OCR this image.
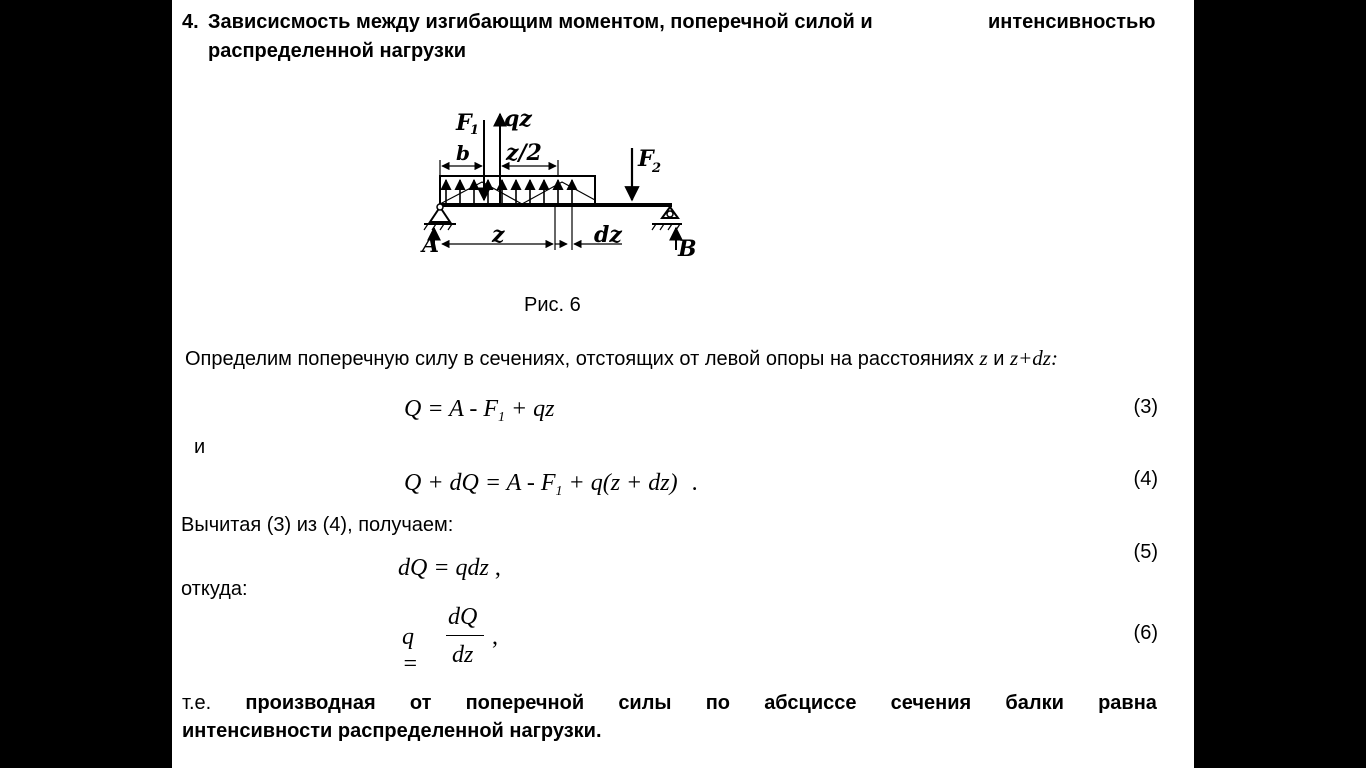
4. Зависисмость между изгибающим моментом, поперечной силой и	интенсивностью
распределенной нагрузки
F
1 qz
b z/2	F
2
A z	dz
B
Рис. 6
Определим поперечную силу в сечениях, отстоящих от левой опоры на расстояниях z и z+dz:
$Q = A - F_1$ + qz	(3)
и
Q + dQ = $A - F_1 + q(z + dz)$ .	(4)
Вычитая (3) из (4), получаем:
dQ = qdz ,
(5)
откуда:
q =
dQ
dz
,	(6)
т.е. производная от поперечной силы по абсциссе сечения балки равна
интенсивности распределенной нагрузки.
